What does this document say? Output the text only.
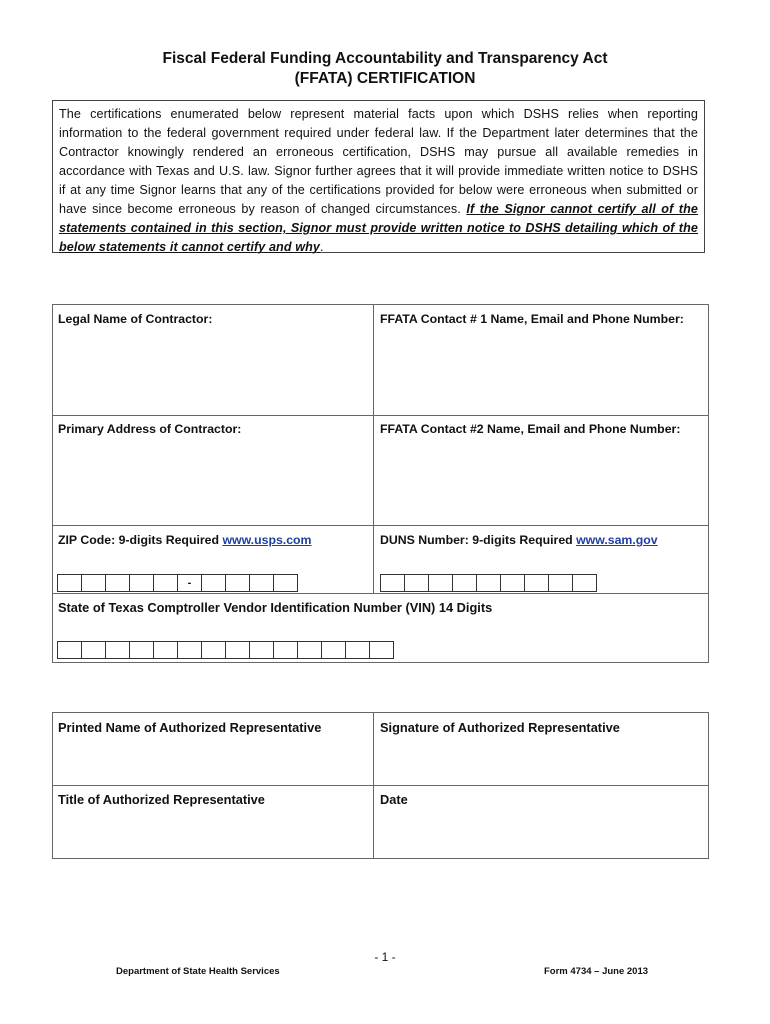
Fiscal Federal Funding Accountability and Transparency Act
(FFATA) CERTIFICATION
The certifications enumerated below represent material facts upon which DSHS relies when reporting information to the federal government required under federal law. If the Department later determines that the Contractor knowingly rendered an erroneous certification, DSHS may pursue all available remedies in accordance with Texas and U.S. law. Signor further agrees that it will provide immediate written notice to DSHS if at any time Signor learns that any of the certifications provided for below were erroneous when submitted or have since become erroneous by reason of changed circumstances. If the Signor cannot certify all of the statements contained in this section, Signor must provide written notice to DSHS detailing which of the below statements it cannot certify and why.
Legal Name of Contractor:	FFATA Contact # 1 Name, Email and Phone Number:
Primary Address of Contractor:	FFATA Contact #2 Name, Email and Phone Number:
ZIP Code: 9-digits Required www.usps.com	DUNS Number: 9-digits Required www.sam.gov
-
State of Texas Comptroller Vendor Identification Number (VIN) 14 Digits
Printed Name of Authorized Representative	Signature of Authorized Representative
Title of Authorized Representative	Date
- 1 -
Department of State Health Services	Form 4734 – June 2013
